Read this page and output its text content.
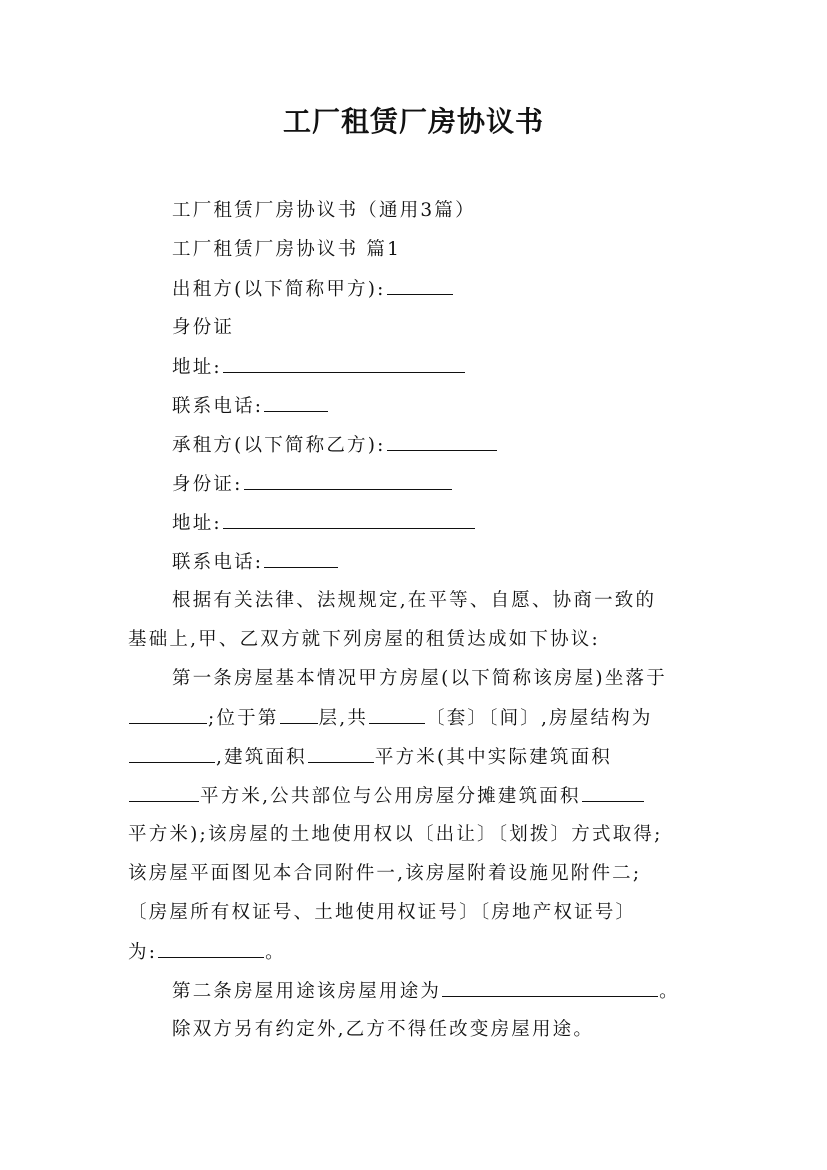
工厂租赁厂房协议书
工厂租赁厂房协议书（通用3篇）
工厂租赁厂房协议书 篇1
出租方(以下简称甲方):
身份证
地址:
联系电话:
承租方(以下简称乙方):
身份证:
地址:
联系电话:
根据有关法律、法规规定,在平等、自愿、协商一致的
基础上,甲、乙双方就下列房屋的租赁达成如下协议:
第一条房屋基本情况甲方房屋(以下简称该房屋)坐落于
;位于第 层,共	〔套〕〔间〕,房屋结构为
,建筑面积	平方米(其中实际建筑面积
平方米,公共部位与公用房屋分摊建筑面积
平方米);该房屋的土地使用权以〔出让〕〔划拨〕方式取得;
该房屋平面图见本合同附件一,该房屋附着设施见附件二;
〔房屋所有权证号、土地使用权证号〕〔房地产权证号〕
为:	。
第二条房屋用途该房屋用途为	。
除双方另有约定外,乙方不得任改变房屋用途。
